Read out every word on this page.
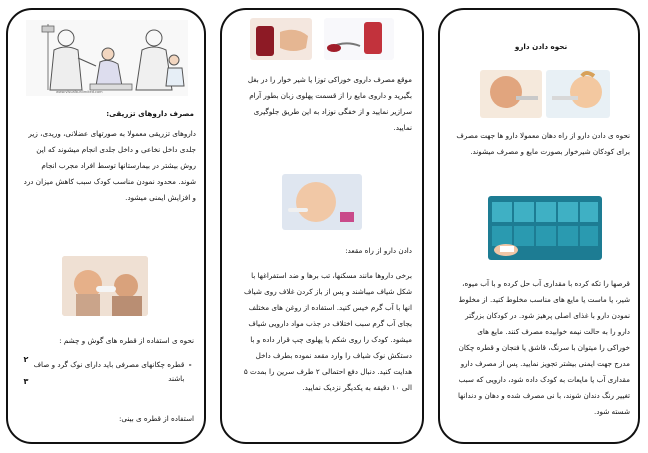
www.visualsunlimited.com
مصرف داروهای تزریقی:
داروهای تزریقی معمولا به صورتهای عضلانی، وریدی، زیر جلدی داخل نخاعی و داخل جلدی انجام میشوند که این روش بیشتر در بیمارستانها توسط افراد مجرب انجام شوند. محدود نمودن مناسب کودک سبب کاهش میزان درد و افزایش ایمنی میشود.
نحوه ی استفاده از قطره های گوش و چشم :
-
قطره چکانهای مصرفی باید دارای نوک گرد و صاف باشند
۲
۳
استفاده از قطره ی بینی:
موقع مصرف داروی خوراکی توزا یا شیر خوار را در بغل بگیرید و داروی مایع را از قسمت پهلوی زبان بطور آرام سرازیر نمایید و از خفگی نوزاد به این طریق جلوگیری نمایید.
دادن دارو از راه مقعد:
برخی داروها مانند مسکنها، تب برها و ضد استفراغها با شکل شیاف میباشند و پس از باز کردن غلاف روی شیاف انها با آب گرم خیس کنید. استفاده از روغن های مختلف بجای آب گرم سبب اختلاف در جذب مواد دارویی شیاف میشود. کودک را روی شکم یا پهلوی چپ قرار داده و با دستکش نوک شیاف را وارد مقعد نموده بطرف داخل هدایت کنید. دنبال دفع احتمالی ۲ طرف سرین را بمدت ۵ الی ۱۰ دقیقه به یکدیگر نزدیک نمایید.
نحوه دادن دارو
نحوه ی دادن دارو از راه دهان معمولا دارو ها جهت مصرف برای کودکان شیرخوار بصورت مایع و مصرف میشوند.
قرصها را تکه کرده با مقداری آب حل کرده و با آب میوه، شیر، یا ماست یا مایع های مناسب مخلوط کنید. از مخلوط نمودن دارو با غذای اصلی پرهیز شود. در کودکان بزرگتر دارو را به حالت نیمه خوابیده مصرف کنند. مایع های خوراکی را میتوان با سرنگ، قاشق یا فنجان و قطره چکان مدرج جهت ایمنی بیشتر تجویز نمایید. پس از مصرف دارو مقداری آب یا مایعات به کودک داده شود، دارویی که سبب تغییر رنگ دندان شوند، با نی مصرف شده و دهان و دندانها شسته شود.
